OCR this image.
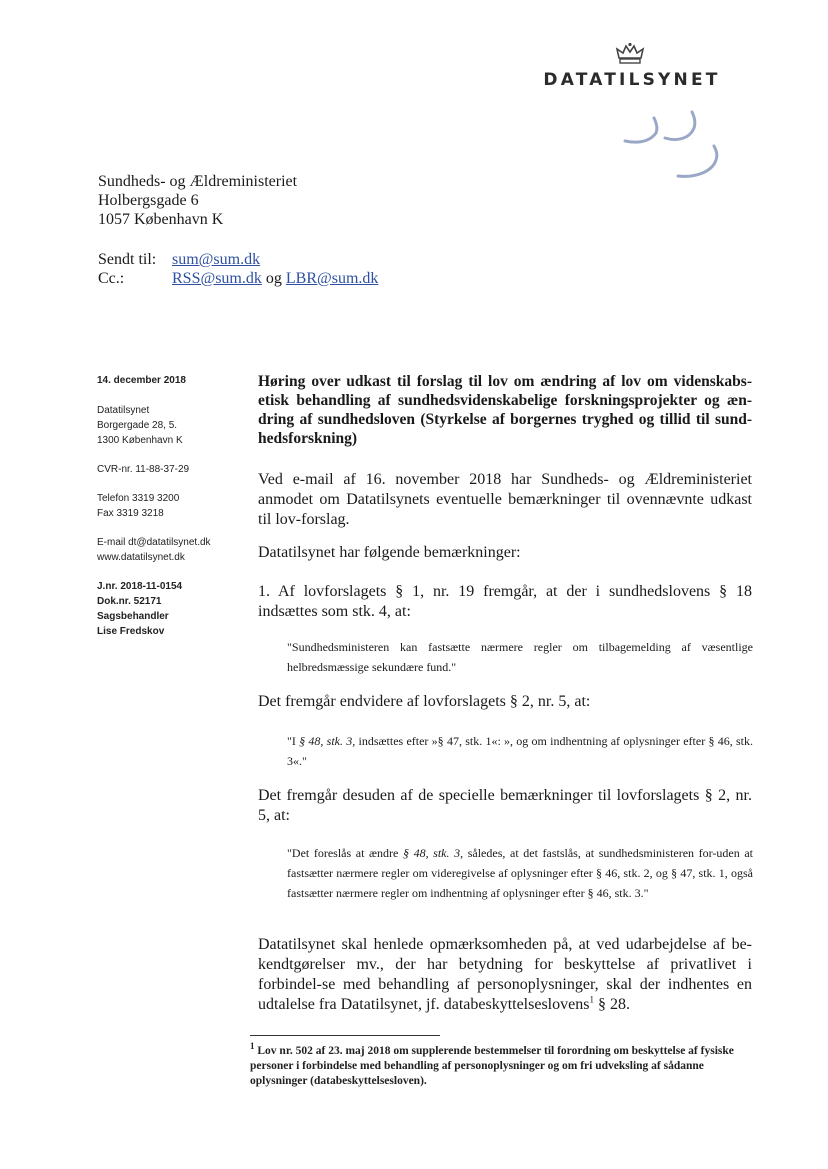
DATATILSYNET
Sundheds- og Ældreministeriet
Holbergsgade 6
1057 København K
Sendt til: sum@sum.dk
Cc.:	RSS@sum.dk og LBR@sum.dk
14. december 2018
Datatilsynet
Borgergade 28, 5.
1300 København K
CVR-nr. 11-88-37-29
Telefon 3319 3200
Fax 3319 3218
E-mail dt@datatilsynet.dk
www.datatilsynet.dk
J.nr. 2018-11-0154
Dok.nr. 52171
Sagsbehandler
Lise Fredskov
Høring over udkast til forslag til lov om ændring af lov om videnskabs-etisk behandling af sundhedsvidenskabelige forskningsprojekter og æn-dring af sundhedsloven (Styrkelse af borgernes tryghed og tillid til sund-hedsforskning)
Ved e-mail af 16. november 2018 har Sundheds- og Ældreministeriet anmodet om Datatilsynets eventuelle bemærkninger til ovennævnte udkast til lov-forslag.
Datatilsynet har følgende bemærkninger:
1. Af lovforslagets § 1, nr. 19 fremgår, at der i sundhedslovens § 18 indsættes som stk. 4, at:
"Sundhedsministeren kan fastsætte nærmere regler om tilbagemelding af væsentlige helbredsmæssige sekundære fund."
Det fremgår endvidere af lovforslagets § 2, nr. 5, at:
"I § 48, stk. 3, indsættes efter »§ 47, stk. 1«: », og om indhentning af oplysninger efter § 46, stk. 3«."
Det fremgår desuden af de specielle bemærkninger til lovforslagets § 2, nr. 5, at:
"Det foreslås at ændre § 48, stk. 3, således, at det fastslås, at sundhedsministeren for-uden at fastsætter nærmere regler om videregivelse af oplysninger efter § 46, stk. 2, og § 47, stk. 1, også fastsætter nærmere regler om indhentning af oplysninger efter § 46, stk. 3."
Datatilsynet skal henlede opmærksomheden på, at ved udarbejdelse af be-kendtgørelser mv., der har betydning for beskyttelse af privatlivet i forbindel-se med behandling af personoplysninger, skal der indhentes en udtalelse fra Datatilsynet, jf. databeskyttelseslovens$^1$ § 28.
$^1$ Lov nr. 502 af 23. maj 2018 om supplerende bestemmelser til forordning om beskyttelse af fysiske personer i forbindelse med behandling af personoplysninger og om fri udveksling af sådanne oplysninger (databeskyttelsesloven).
